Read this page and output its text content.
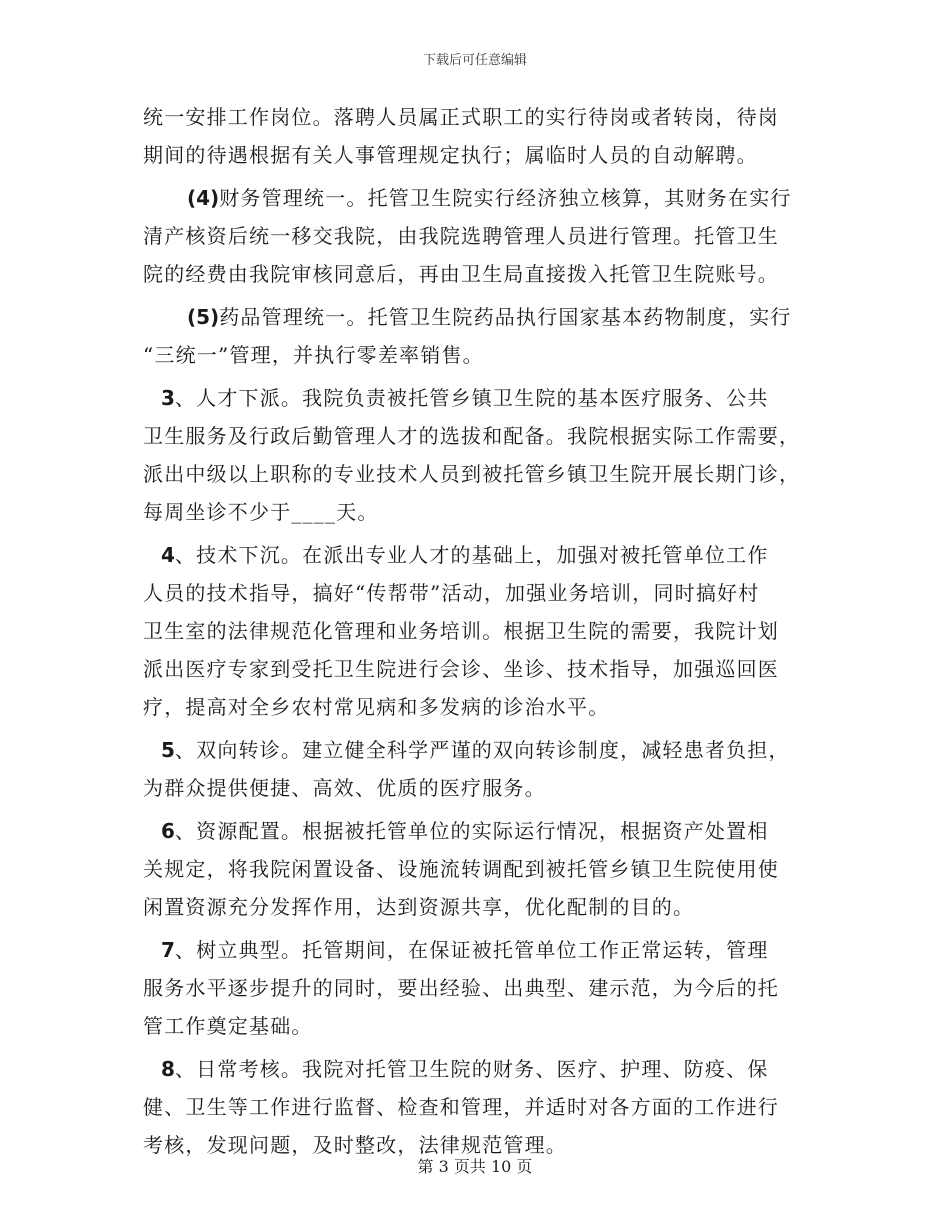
下载后可任意编辑
统一安排工作岗位。落聘人员属正式职工的实行待岗或者转岗，待岗
期间的待遇根据有关人事管理规定执行；属临时人员的自动解聘。
(4)财务管理统一。托管卫生院实行经济独立核算，其财务在实行
清产核资后统一移交我院，由我院选聘管理人员进行管理。托管卫生
院的经费由我院审核同意后，再由卫生局直接拨入托管卫生院账号。
(5)药品管理统一。托管卫生院药品执行国家基本药物制度，实行
“三统一”管理，并执行零差率销售。
3、人才下派。我院负责被托管乡镇卫生院的基本医疗服务、公共
卫生服务及行政后勤管理人才的选拔和配备。我院根据实际工作需要，
派出中级以上职称的专业技术人员到被托管乡镇卫生院开展长期门诊，
每周坐诊不少于____天。
4、技术下沉。在派出专业人才的基础上，加强对被托管单位工作
人员的技术指导，搞好“传帮带”活动，加强业务培训，同时搞好村
卫生室的法律规范化管理和业务培训。根据卫生院的需要，我院计划
派出医疗专家到受托卫生院进行会诊、坐诊、技术指导，加强巡回医
疗，提高对全乡农村常见病和多发病的诊治水平。
5、双向转诊。建立健全科学严谨的双向转诊制度，减轻患者负担，
为群众提供便捷、高效、优质的医疗服务。
6、资源配置。根据被托管单位的实际运行情况，根据资产处置相
关规定，将我院闲置设备、设施流转调配到被托管乡镇卫生院使用使
闲置资源充分发挥作用，达到资源共享，优化配制的目的。
7、树立典型。托管期间，在保证被托管单位工作正常运转，管理
服务水平逐步提升的同时，要出经验、出典型、建示范，为今后的托
管工作奠定基础。
8、日常考核。我院对托管卫生院的财务、医疗、护理、防疫、保
健、卫生等工作进行监督、检查和管理，并适时对各方面的工作进行
考核，发现问题，及时整改，法律规范管理。
第 3 页共 10 页
